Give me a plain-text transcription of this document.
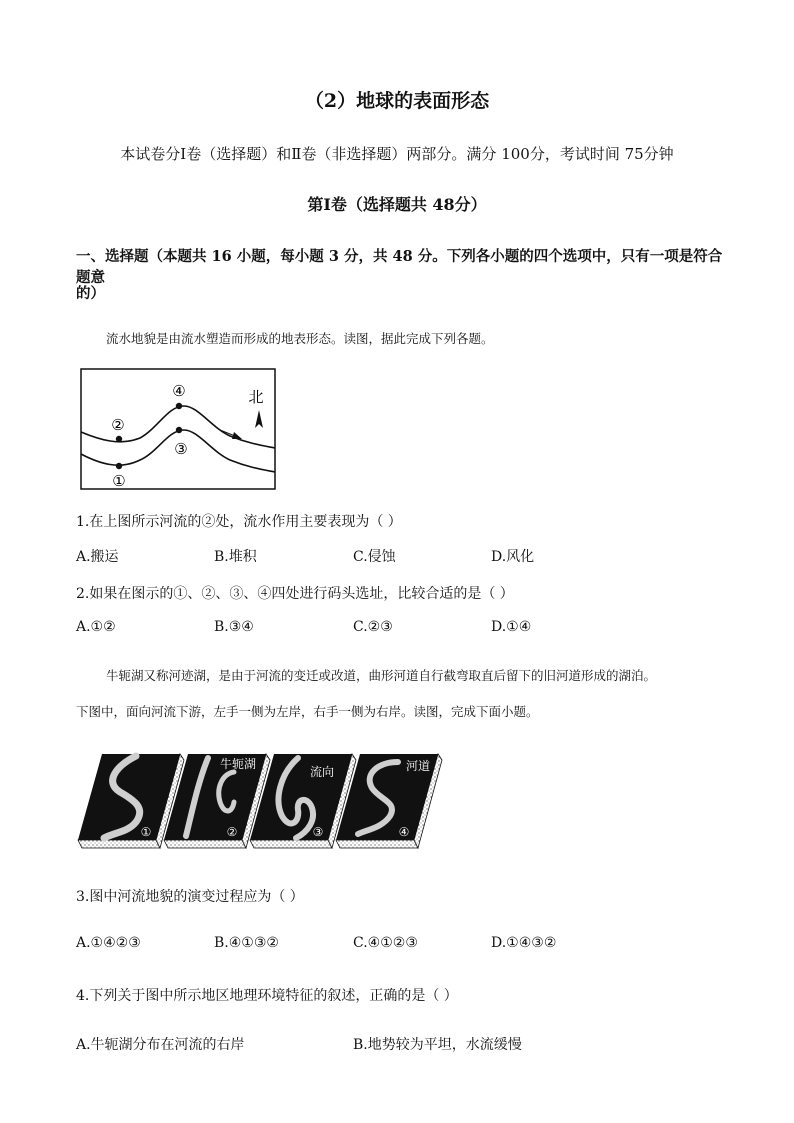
（2）地球的表面形态
本试卷分Ⅰ卷（选择题）和Ⅱ卷（非选择题）两部分。满分 100分，考试时间 75分钟
第Ⅰ卷（选择题共 48分）
一、选择题（本题共 16 小题，每小题 3 分，共 48 分。下列各小题的四个选项中，只有一项是符合题意
的）
流水地貌是由流水塑造而形成的地表形态。读图，据此完成下列各题。
北
①
②
③
④
1.在上图所示河流的②处，流水作用主要表现为（ ）
A.搬运	B.堆积	C.侵蚀	D.风化
2.如果在图示的①、②、③、④四处进行码头选址，比较合适的是（ ）
A.①②	B.③④	C.②③	D.①④
牛轭湖又称河迹湖，是由于河流的变迁或改道，曲形河道自行截弯取直后留下的旧河道形成的湖泊。
下图中，面向河流下游，左手一侧为左岸，右手一侧为右岸。读图，完成下面小题。
①
牛轭湖
②
流向
③
河道
④
3.图中河流地貌的演变过程应为（ ）
A.①④②③	B.④①③②	C.④①②③	D.①④③②
4.下列关于图中所示地区地理环境特征的叙述，正确的是（ ）
A.牛轭湖分布在河流的右岸	B.地势较为平坦，水流缓慢
